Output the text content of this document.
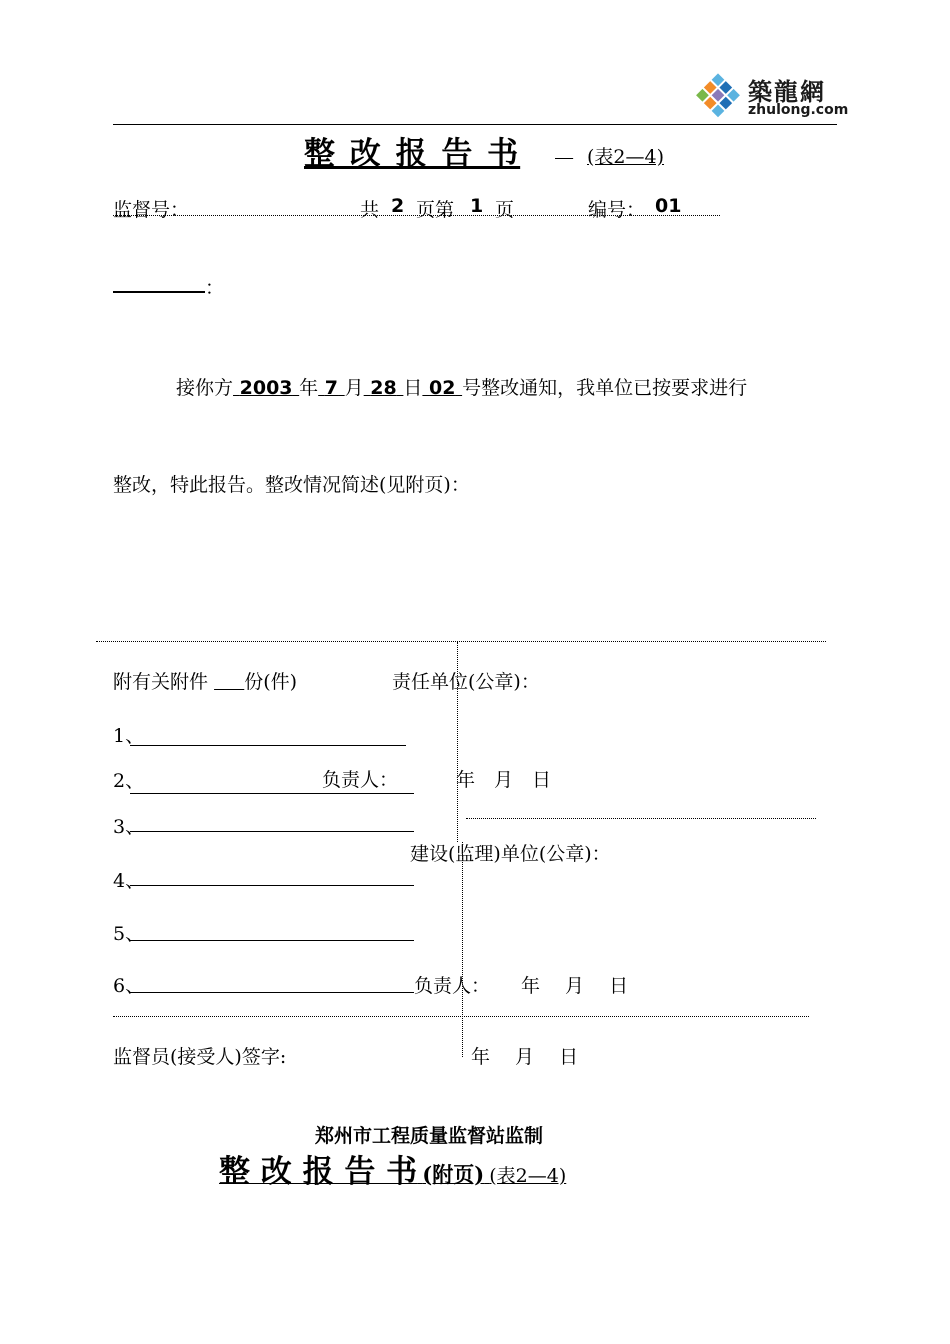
築龍網
zhulong.com
整 改 报 告 书
	(表2—4)
监督号：	共 2 页第 1 页	编号： 01
：
接你方 2003 年 7 月 28 日 02 号整改通知，我单位已按要求进行
整改，特此报告。整改情况简述(见附页)：
附有关附件 份(件)
1、
2、
3、
4、
5、
6、
责任单位(公章)：
负责人：	年　月　日
建设(监理)单位(公章)：
负责人： 年　 月　 日
监督员(接受人)签字:	年　 月　 日
郑州市工程质量监督站监制
整 改 报 告 书 (附页) (表2—4)
